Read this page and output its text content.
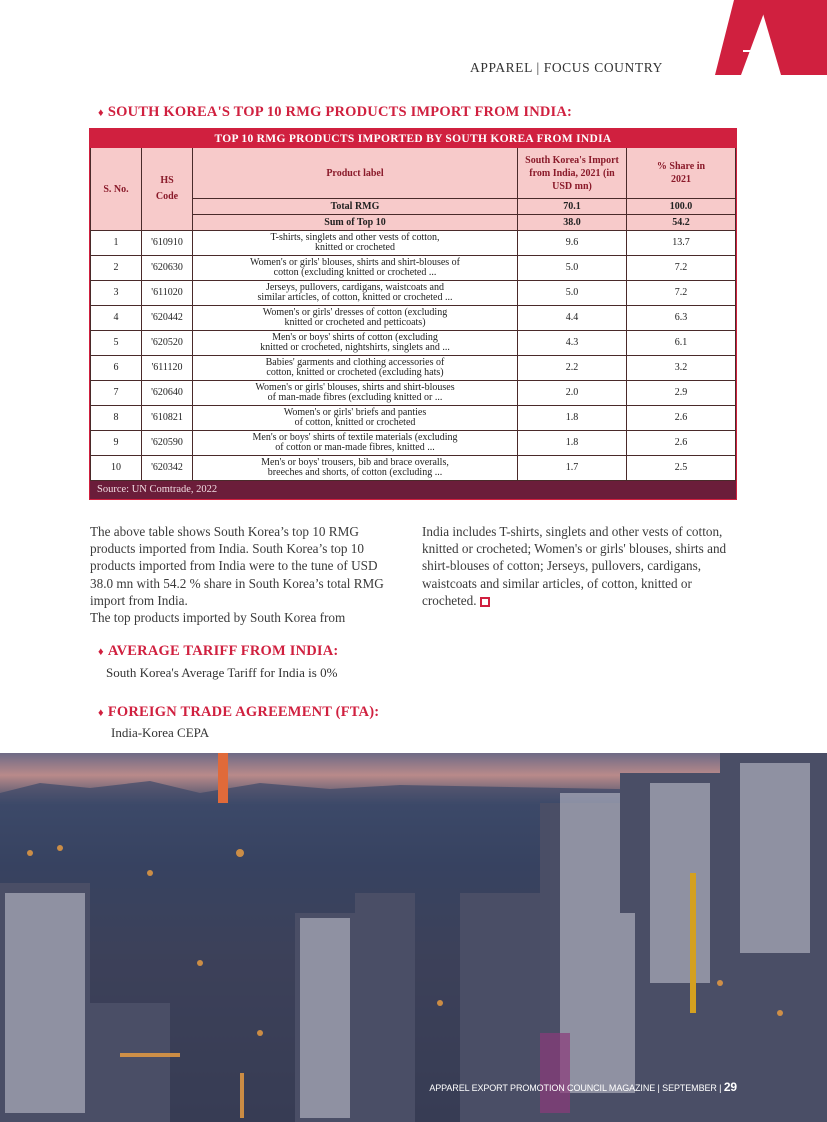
APPAREL | FOCUS COUNTRY
♦ SOUTH KOREA'S TOP 10 RMG PRODUCTS IMPORT FROM INDIA:
TOP 10 RMG PRODUCTS IMPORTED BY SOUTH KOREA FROM INDIA				
S. No.	HS Code	Product label	South Korea's Import from India, 2021 (in USD mn)	% Share in 2021
		Total RMG	70.1	100.0
		Sum of Top 10	38.0	54.2
1	'610910	T-shirts, singlets and other vests of cotton,
knitted or crocheted	9.6	13.7
2	'620630	Women's or girls' blouses, shirts and shirt-blouses of
cotton (excluding knitted or crocheted ...	5.0	7.2
3	'611020	Jerseys, pullovers, cardigans, waistcoats and
similar articles, of cotton, knitted or crocheted ...	5.0	7.2
4	'620442	Women's or girls' dresses of cotton (excluding
knitted or crocheted and petticoats)	4.4	6.3
5	'620520	Men's or boys' shirts of cotton (excluding
knitted or crocheted, nightshirts, singlets and ...	4.3	6.1
6	'611120	Babies' garments and clothing accessories of
cotton, knitted or crocheted (excluding hats)	2.2	3.2
7	'620640	Women's or girls' blouses, shirts and shirt-blouses
of man-made fibres (excluding knitted or ...	2.0	2.9
8	'610821	Women's or girls' briefs and panties
of cotton, knitted or crocheted	1.8	2.6
9	'620590	Men's or boys' shirts of textile materials (excluding
of cotton or man-made fibres, knitted ...	1.8	2.6
10	'620342	Men's or boys' trousers, bib and brace overalls,
breeches and shorts, of cotton (excluding ...	1.7	2.5
Source: UN Comtrade, 2022				
The above table shows South Korea’s top 10 RMG products imported from India. South Korea’s top 10 products imported from India were to the tune of USD 38.0 mn with 54.2 % share in South Korea’s total RMG import from India.
The top products imported by South Korea from
India includes T-shirts, singlets and other vests of cotton, knitted or crocheted; Women's or girls' blouses, shirts and shirt-blouses of cotton; Jerseys, pullovers, cardigans, waistcoats and similar articles, of cotton, knitted or crocheted.
♦ AVERAGE TARIFF FROM INDIA:
South Korea's Average Tariff for India is 0%
♦ FOREIGN TRADE AGREEMENT (FTA):
India-Korea CEPA
APPAREL EXPORT PROMOTION COUNCIL MAGAZINE | SEPTEMBER | 29
